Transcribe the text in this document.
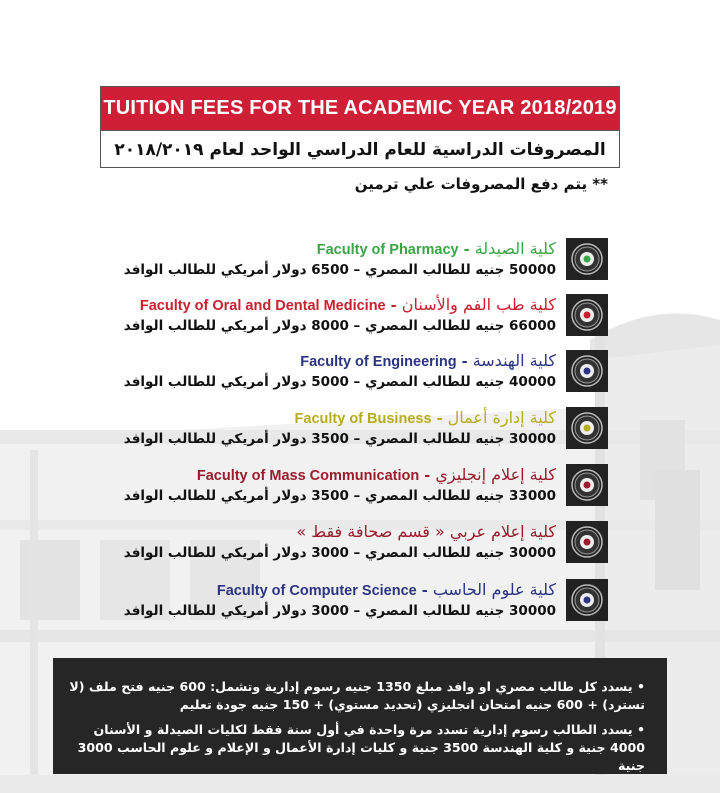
TUITION FEES FOR THE ACADEMIC YEAR 2018/2019
المصروفات الدراسية للعام الدراسي الواحد لعام ٢٠١٨/٢٠١٩
** يتم دفع المصروفات علي ترمين
كلية الصيدلة - Faculty of Pharmacy
50000 جنيه للطالب المصري – 6500 دولار أمريكي للطالب الوافد
كلية طب الفم والأسنان - Faculty of Oral and Dental Medicine
66000 جنيه للطالب المصري – 8000 دولار أمريكي للطالب الوافد
كلية الهندسة - Faculty of Engineering
40000 جنيه للطالب المصري – 5000 دولار أمريكي للطالب الوافد
كلية إدارة أعمال - Faculty of Business
30000 جنيه للطالب المصري – 3500 دولار أمريكي للطالب الوافد
كلية إعلام إنجليزي - Faculty of Mass Communication
33000 جنيه للطالب المصري – 3500 دولار أمريكي للطالب الوافد
كلية إعلام عربي « قسم صحافة فقط »
30000 جنيه للطالب المصري – 3000 دولار أمريكي للطالب الوافد
كلية علوم الحاسب - Faculty of Computer Science
30000 جنيه للطالب المصري – 3000 دولار أمريكي للطالب الوافد
• يسدد كل طالب مصري او وافد مبلغ 1350 جنيه رسوم إدارية وتشمل: 600 جنيه فتح ملف (لا تسترد) + 600 جنيه امتحان انجليزي (تحديد مستوي) + 150 جنيه جودة تعليم
• يسدد الطالب رسوم إدارية تسدد مرة واحدة في أول سنة فقط لكليات الصيدلة و الأسنان 4000 جنية و كلية الهندسة 3500 جنية و كليات إدارة الأعمال و الإعلام و علوم الحاسب 3000 جنية
